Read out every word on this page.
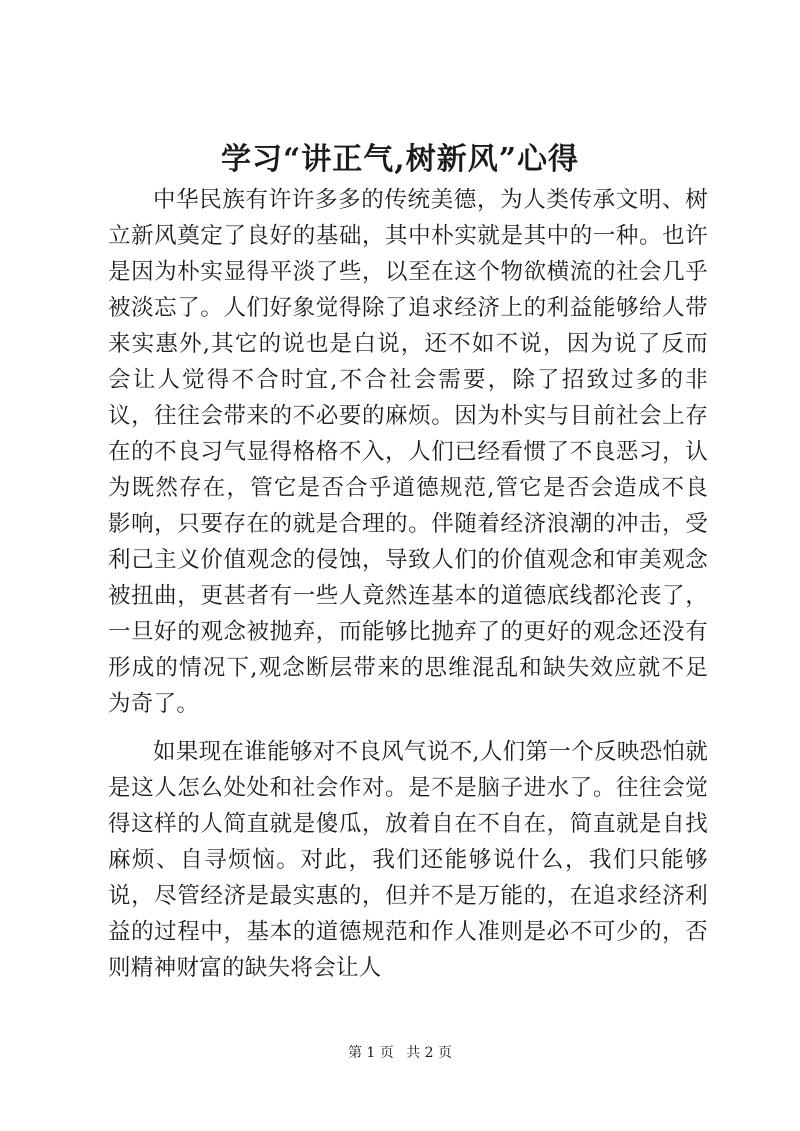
学习“讲正气,树新风”心得

中华民族有许许多多的传统美德，为人类传承文明、树立新风奠定了良好的基础，其中朴实就是其中的一种。也许是因为朴实显得平淡了些，以至在这个物欲横流的社会几乎被淡忘了。人们好象觉得除了追求经济上的利益能够给人带来实惠外,其它的说也是白说，还不如不说，因为说了反而会让人觉得不合时宜,不合社会需要，除了招致过多的非议，往往会带来的不必要的麻烦。因为朴实与目前社会上存在的不良习气显得格格不入，人们已经看惯了不良恶习，认为既然存在，管它是否合乎道德规范,管它是否会造成不良影响，只要存在的就是合理的。伴随着经济浪潮的冲击，受利己主义价值观念的侵蚀，导致人们的价值观念和审美观念被扭曲，更甚者有一些人竟然连基本的道德底线都沦丧了，一旦好的观念被抛弃，而能够比抛弃了的更好的观念还没有形成的情况下,观念断层带来的思维混乱和缺失效应就不足为奇了。

如果现在谁能够对不良风气说不,人们第一个反映恐怕就是这人怎么处处和社会作对。是不是脑子进水了。往往会觉得这样的人简直就是傻瓜，放着自在不自在，简直就是自找麻烦、自寻烦恼。对此，我们还能够说什么，我们只能够说，尽管经济是最实惠的，但并不是万能的，在追求经济利益的过程中，基本的道德规范和作人准则是必不可少的，否则精神财富的缺失将会让人

第 1 页 共 2 页
